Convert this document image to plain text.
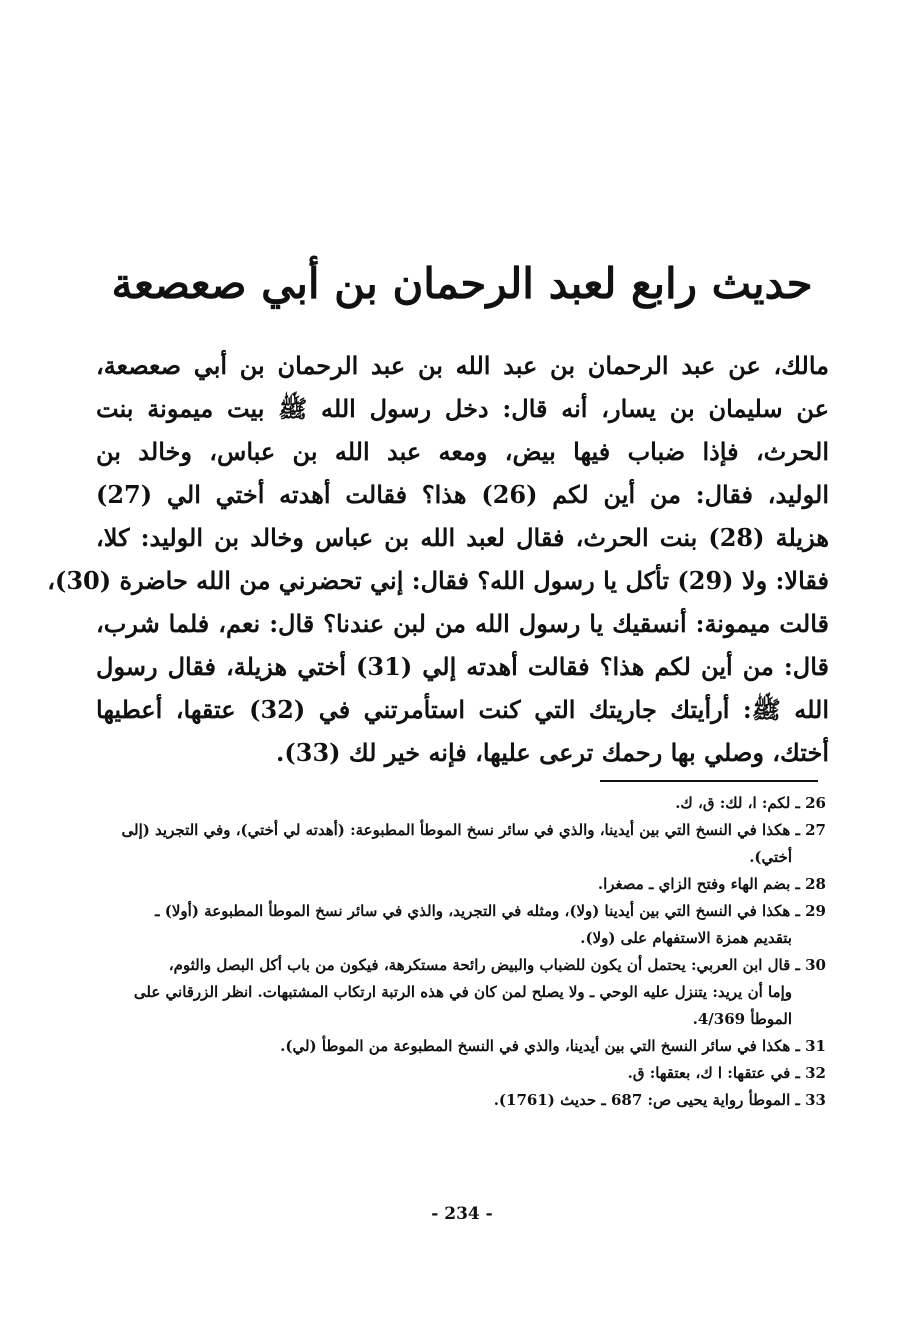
حديث رابع لعبد الرحمان بن أبي صعصعة
مالك، عن عبد الرحمان بن عبد الله بن عبد الرحمان بن أبي صعصعة،
عن سليمان بن يسار، أنه قال: دخل رسول الله ﷺ بيت ميمونة بنت
الحرث، فإذا ضباب فيها بيض، ومعه عبد الله بن عباس، وخالد بن
الوليد، فقال: من أين لكم (26) هذا؟ فقالت أهدته أختي الي (27)
هزيلة (28) بنت الحرث، فقال لعبد الله بن عباس وخالد بن الوليد: كلا،
فقالا: ولا (29) تأكل يا رسول الله؟ فقال: إني تحضرني من الله حاضرة (30)،
قالت ميمونة: أنسقيك يا رسول الله من لبن عندنا؟ قال: نعم، فلما شرب،
قال: من أين لكم هذا؟ فقالت أهدته إلي (31) أختي هزيلة، فقال رسول
الله ﷺ: أرأيتك جاريتك التي كنت استأمرتني في (32) عتقها، أعطيها
أختك، وصلي بها رحمك ترعى عليها، فإنه خير لك (33).
26 ـ لكم: ا، لك: ق، ك.
27 ـ هكذا في النسخ التي بين أيدينا، والذي في سائر نسخ الموطأ المطبوعة: (أهدته لي أختي)، وفي التجريد (إلى
أختي).
28 ـ بضم الهاء وفتح الزاي ـ مصغرا.
29 ـ هكذا في النسخ التي بين أيدينا (ولا)، ومثله في التجريد، والذي في سائر نسخ الموطأ المطبوعة (أولا) ـ
بتقديم همزة الاستفهام على (ولا).
30 ـ قال ابن العربي: يحتمل أن يكون للضباب والبيض رائحة مستكرهة، فيكون من باب أكل البصل والثوم،
وإما أن يريد: يتنزل عليه الوحي ـ ولا يصلح لمن كان في هذه الرتبة ارتكاب المشتبهات. انظر الزرقاني على
الموطأ 4/369.
31 ـ هكذا في سائر النسخ التي بين أيدينا، والذي في النسخ المطبوعة من الموطأ (لي).
32 ـ في عتقها: ا ك، بعتقها: ق.
33 ـ الموطأ رواية يحيى ص: 687 ـ حديث (1761).
- 234 -
